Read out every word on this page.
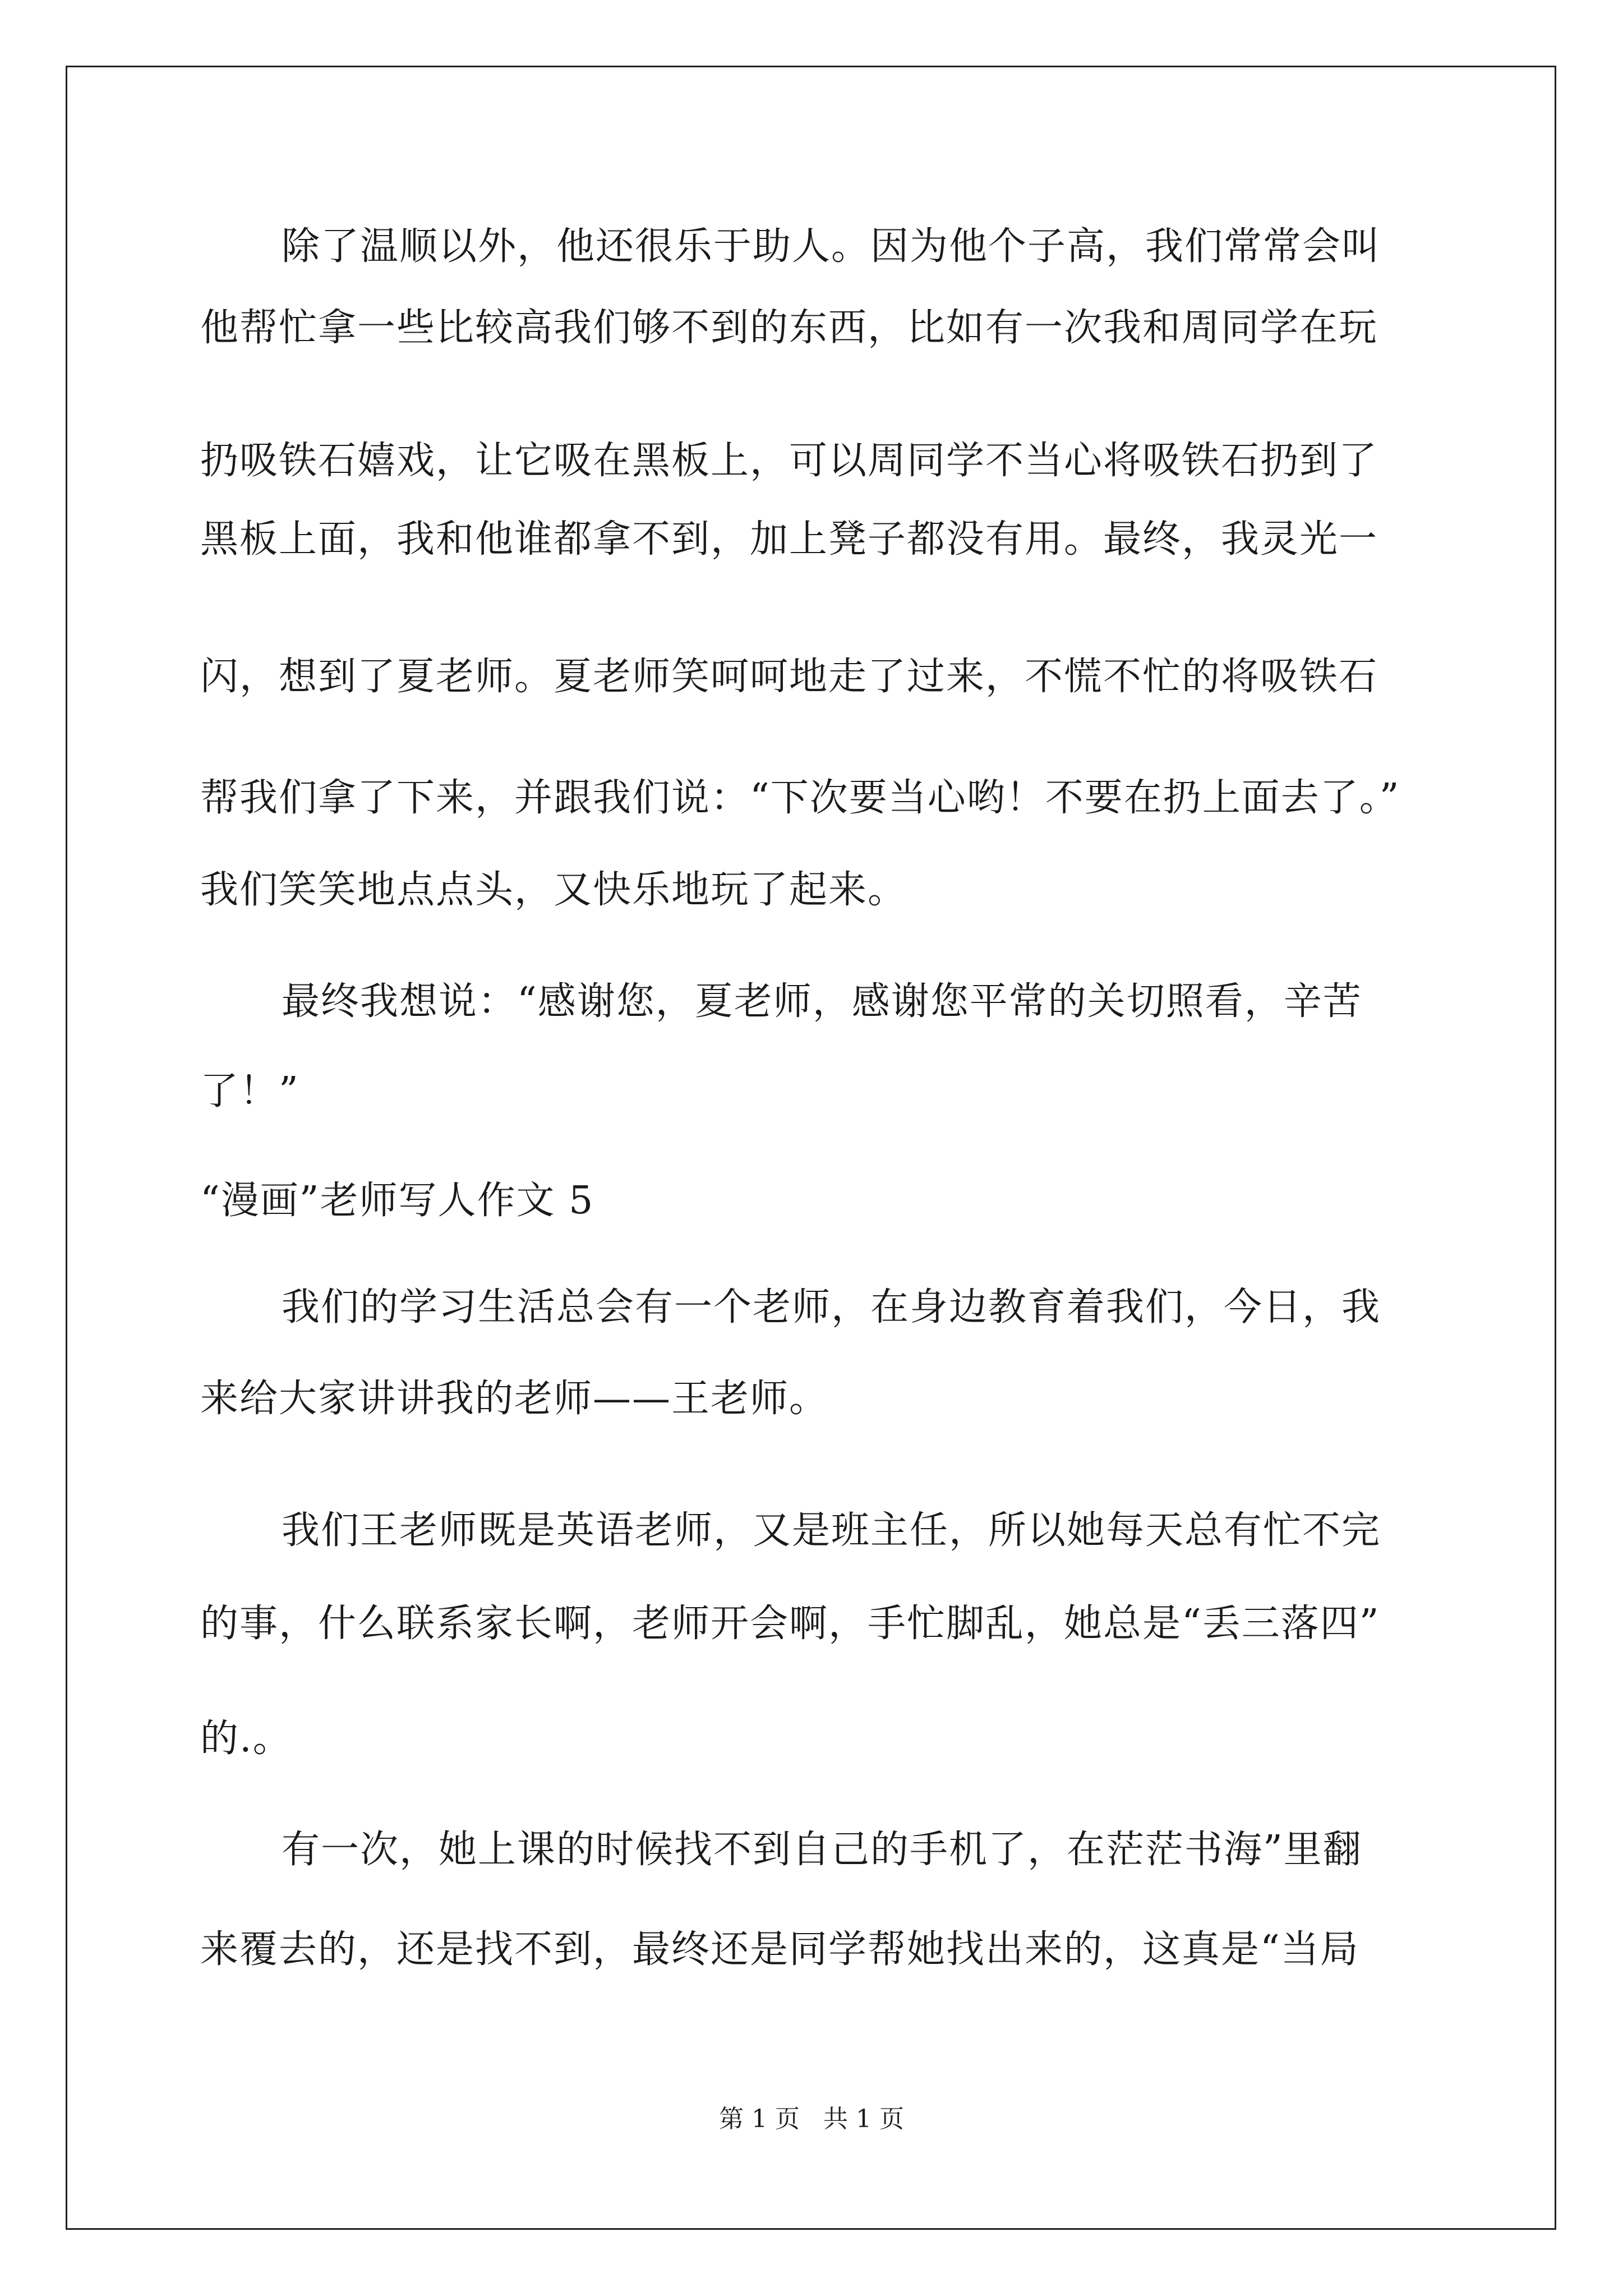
除了温顺以外，他还很乐于助人。因为他个子高，我们常常会叫
他帮忙拿一些比较高我们够不到的东西，比如有一次我和周同学在玩
扔吸铁石嬉戏，让它吸在黑板上，可以周同学不当心将吸铁石扔到了
黑板上面，我和他谁都拿不到，加上凳子都没有用。最终，我灵光一
闪，想到了夏老师。夏老师笑呵呵地走了过来，不慌不忙的将吸铁石
帮我们拿了下来，并跟我们说：“下次要当心哟！不要在扔上面去了。”
我们笑笑地点点头，又快乐地玩了起来。
最终我想说：“感谢您，夏老师，感谢您平常的关切照看，辛苦
了！”
“漫画”老师写人作文 5
我们的学习生活总会有一个老师，在身边教育着我们，今日，我
来给大家讲讲我的老师——王老师。
我们王老师既是英语老师，又是班主任，所以她每天总有忙不完
的事，什么联系家长啊，老师开会啊，手忙脚乱，她总是“丢三落四”
的.。
有一次，她上课的时候找不到自己的手机了，在茫茫书海”里翻
来覆去的，还是找不到，最终还是同学帮她找出来的，这真是“当局
第 1 页   共 1 页
